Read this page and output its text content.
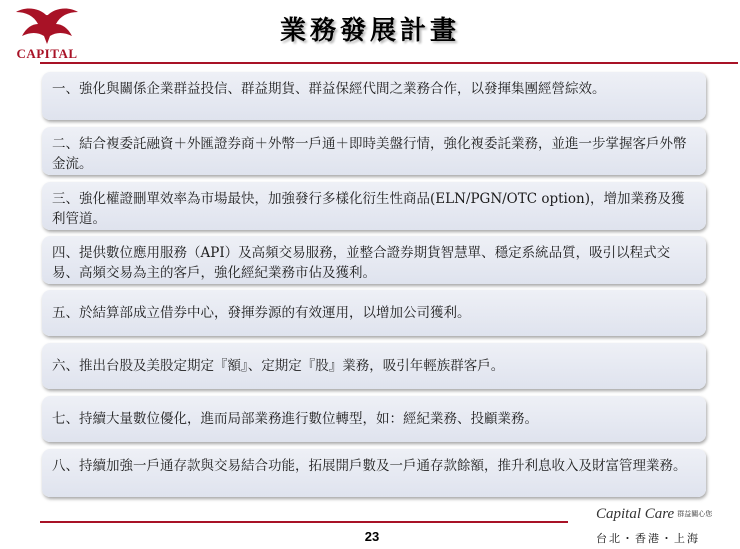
CAPITAL
業務發展計畫
一、強化與關係企業群益投信、群益期貨、群益保經代間之業務合作，以發揮集團經營綜效。
二、結合複委託融資＋外匯證券商＋外幣一戶通＋即時美盤行情，強化複委託業務，並進一步掌握客戶外幣金流。
三、強化權證刪單效率為市場最快，加強發行多樣化衍生性商品(ELN/PGN/OTC option)，增加業務及獲利管道。
四、提供數位應用服務（API）及高頻交易服務，並整合證券期貨智慧單、穩定系統品質，吸引以程式交易、高頻交易為主的客戶，強化經紀業務市佔及獲利。
五、於結算部成立借券中心，發揮券源的有效運用，以增加公司獲利。
六、推出台股及美股定期定『額』、定期定『股』業務，吸引年輕族群客戶。
七、持續大量數位優化，進而局部業務進行數位轉型，如：經紀業務、投顧業務。
八、持續加強一戶通存款與交易結合功能，拓展開戶數及一戶通存款餘額，推升利息收入及財富管理業務。
23
Capital Care 群益關心您
台北・香港・上海
